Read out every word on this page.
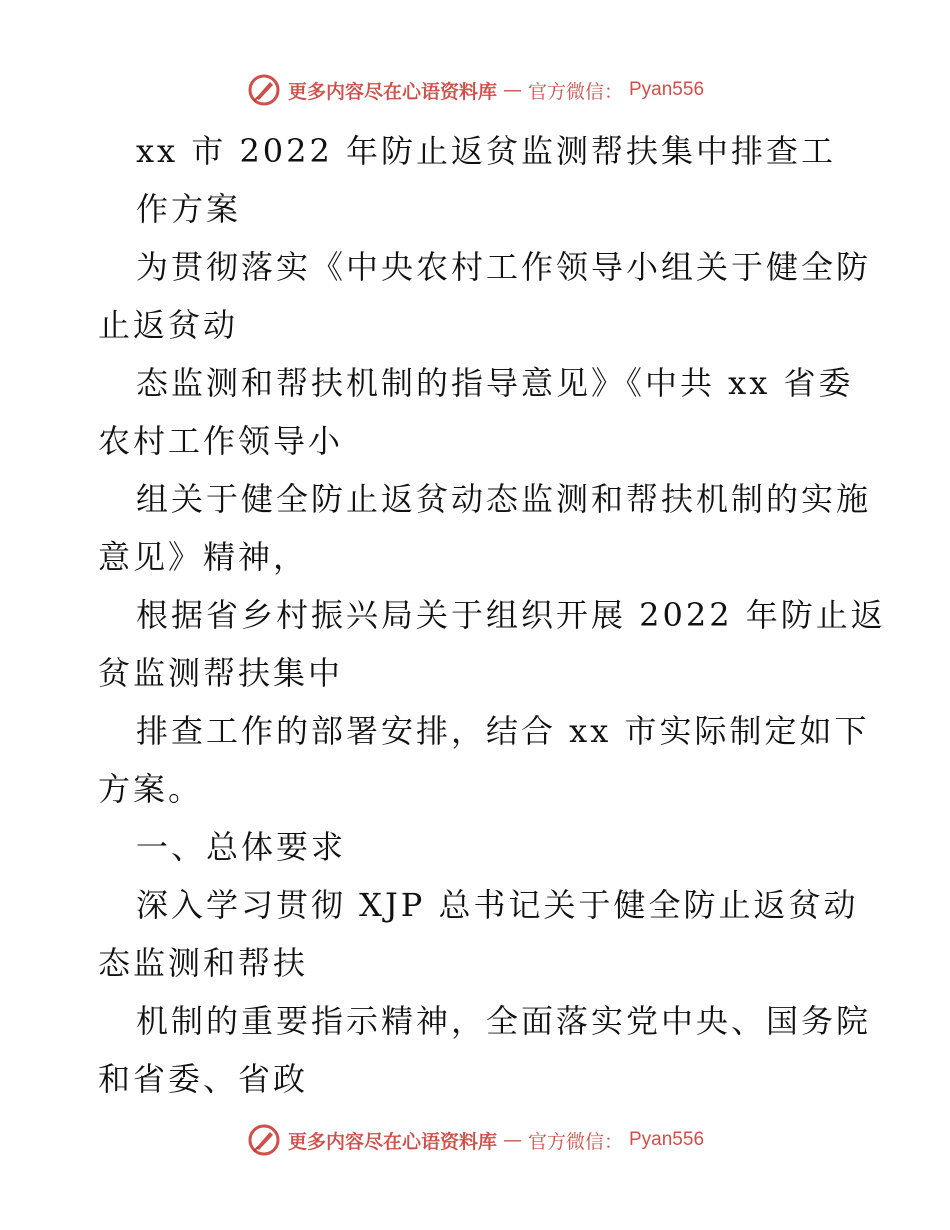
更多内容尽在心语资料库 — 官方微信： Pyan556
xx 市 2022 年防止返贫监测帮扶集中排查工
作方案
为贯彻落实《中央农村工作领导小组关于健全防
止返贫动
态监测和帮扶机制的指导意见》《中共 xx 省委
农村工作领导小
组关于健全防止返贫动态监测和帮扶机制的实施
意见》精神，
根据省乡村振兴局关于组织开展 2022 年防止返
贫监测帮扶集中
排查工作的部署安排，结合 xx 市实际制定如下
方案。
一、总体要求
深入学习贯彻 XJP 总书记关于健全防止返贫动
态监测和帮扶
机制的重要指示精神，全面落实党中央、国务院
和省委、省政
更多内容尽在心语资料库 — 官方微信： Pyan556
